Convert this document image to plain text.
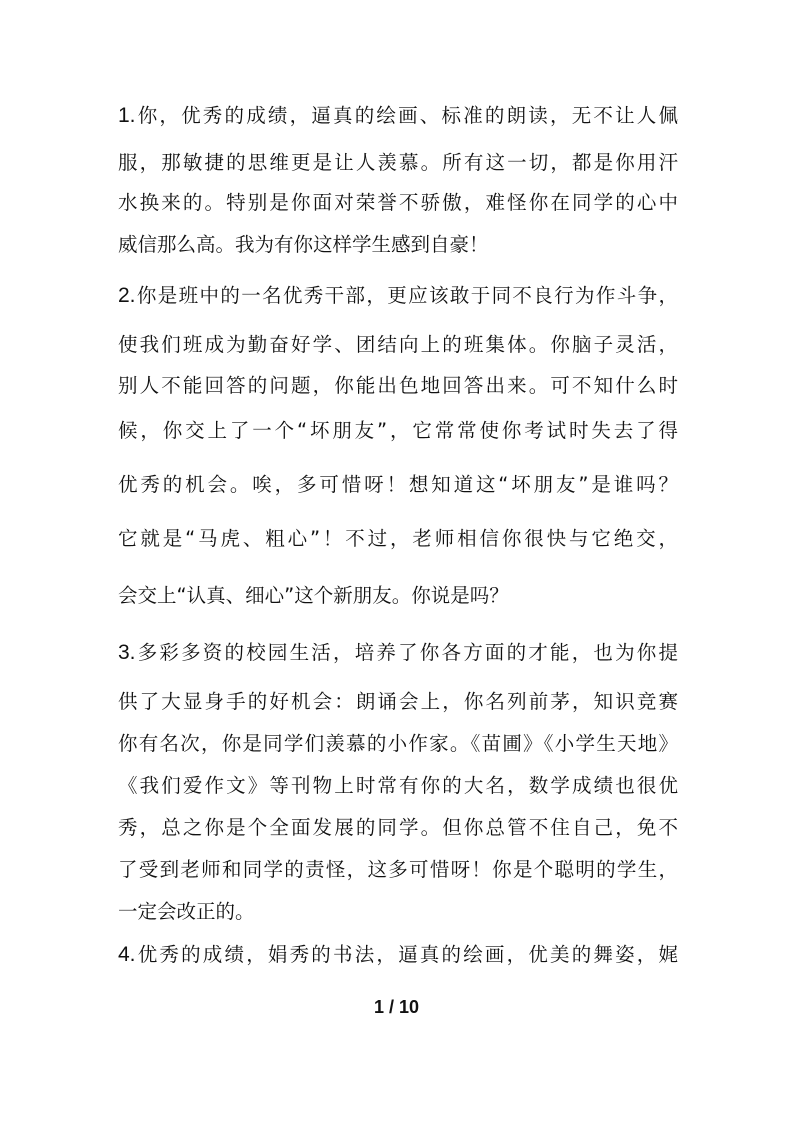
1.你，优秀的成绩，逼真的绘画、标准的朗读，无不让人佩
服，那敏捷的思维更是让人羡慕。所有这一切，都是你用汗
水换来的。特别是你面对荣誉不骄傲，难怪你在同学的心中
威信那么高。我为有你这样学生感到自豪！
2.你是班中的一名优秀干部，更应该敢于同不良行为作斗争，
使我们班成为勤奋好学、团结向上的班集体。你脑子灵活，
别人不能回答的问题，你能出色地回答出来。可不知什么时
候，你交上了一个“坏朋友”，它常常使你考试时失去了得
优秀的机会。唉，多可惜呀！想知道这“坏朋友”是谁吗？
它就是“马虎、粗心”！不过，老师相信你很快与它绝交，
会交上“认真、细心”这个新朋友。你说是吗？
3.多彩多资的校园生活，培养了你各方面的才能，也为你提
供了大显身手的好机会：朗诵会上，你名列前茅，知识竞赛
你有名次，你是同学们羡慕的小作家。《苗圃》《小学生天地》
《我们爱作文》等刊物上时常有你的大名，数学成绩也很优
秀，总之你是个全面发展的同学。但你总管不住自己，免不
了受到老师和同学的责怪，这多可惜呀！你是个聪明的学生，
一定会改正的。
4.优秀的成绩，娟秀的书法，逼真的绘画，优美的舞姿，娓
1 / 10
